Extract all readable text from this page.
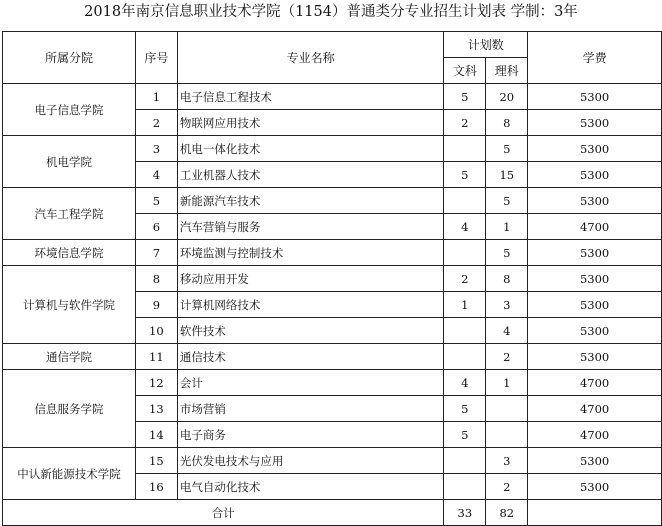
2018年南京信息职业技术学院（1154）普通类分专业招生计划表 学制：3年
所属分院	序号	专业名称	计划数		学费
			文科	理科	
电子信息学院	1	电子信息工程技术	5	20	5300
	2	物联网应用技术	2	8	5300
机电学院	3	机电一体化技术		5	5300
	4	工业机器人技术	5	15	5300
汽车工程学院	5	新能源汽车技术		5	5300
	6	汽车营销与服务	4	1	4700
环境信息学院	7	环境监测与控制技术		5	5300
计算机与软件学院	8	移动应用开发	2	8	5300
	9	计算机网络技术	1	3	5300
	10	软件技术		4	5300
通信学院	11	通信技术		2	5300
信息服务学院	12	会计	4	1	4700
	13	市场营销	5		4700
	14	电子商务	5		4700
中认新能源技术学院	15	光伏发电技术与应用		3	5300
	16	电气自动化技术		2	5300
合计			33	82	
